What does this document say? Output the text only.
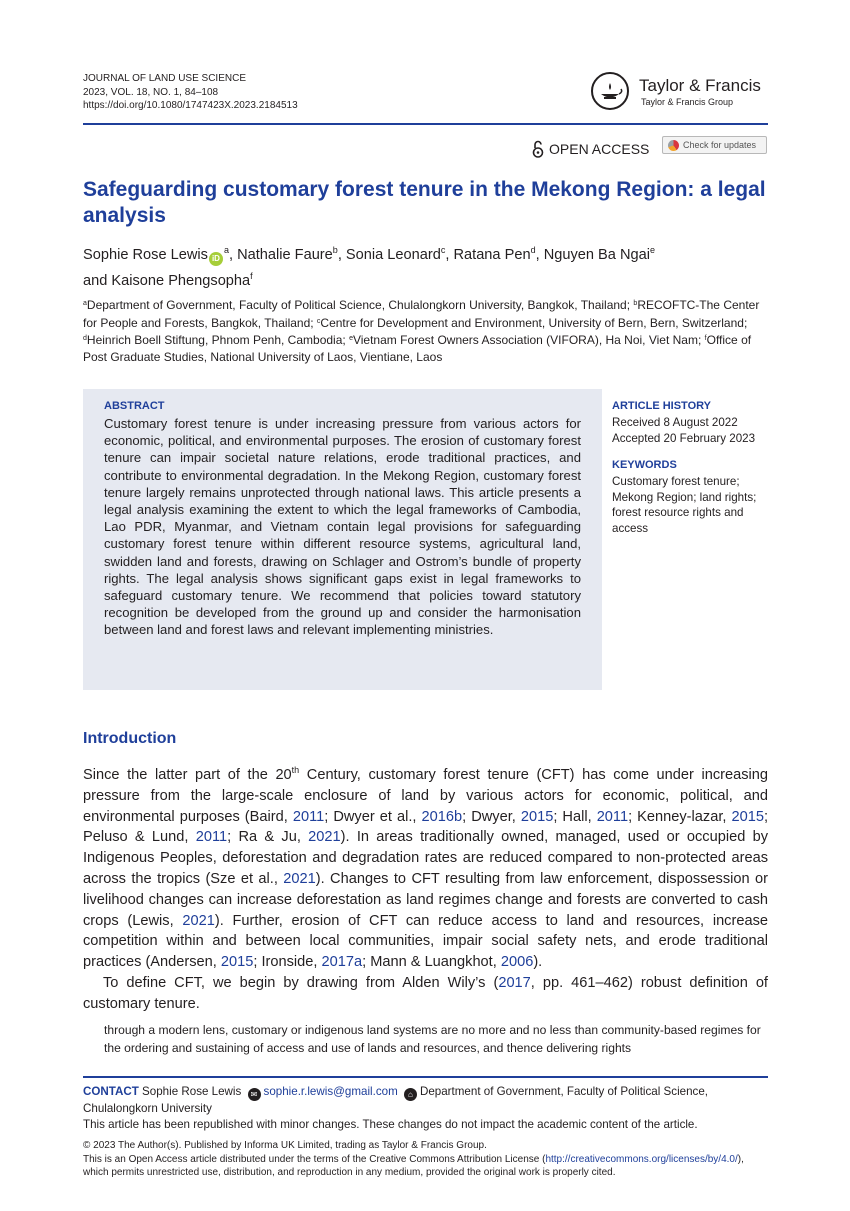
JOURNAL OF LAND USE SCIENCE
2023, VOL. 18, NO. 1, 84–108
https://doi.org/10.1080/1747423X.2023.2184513
Taylor & Francis
Taylor & Francis Group
OPEN ACCESS	Check for updates
Safeguarding customary forest tenure in the Mekong Region: a legal analysis
Sophie Rose Lewis $iD^a$, Nathalie Faure$^b$, Sonia Leonard$^c$, Ratana Pen$^d$, Nguyen Ba Ngai$^e$
and Kaisone Phengsopha$^f$
$^a$Department of Government, Faculty of Political Science, Chulalongkorn University, Bangkok, Thailand; $^b$RECOFTC-The Center for People and Forests, Bangkok, Thailand; $^c$Centre for Development and Environment, University of Bern, Bern, Switzerland; $^d$Heinrich Boell Stiftung, Phnom Penh, Cambodia; $^e$Vietnam Forest Owners Association (VIFORA), Ha Noi, Viet Nam; $^f$Office of Post Graduate Studies, National University of Laos, Vientiane, Laos
ABSTRACT
Customary forest tenure is under increasing pressure from various actors for economic, political, and environmental purposes. The erosion of customary forest tenure can impair societal nature relations, erode traditional practices, and contribute to environmental degradation. In the Mekong Region, customary forest tenure largely remains unprotected through national laws. This article presents a legal analysis examining the extent to which the legal frameworks of Cambodia, Lao PDR, Myanmar, and Vietnam contain legal provisions for safeguarding customary forest tenure within different resource systems, agricultural land, swidden land and forests, drawing on Schlager and Ostrom’s bundle of property rights. The legal analysis shows significant gaps exist in legal frameworks to safeguard customary tenure. We recommend that policies toward statutory recognition be developed from the ground up and consider the harmonisation between land and forest laws and relevant implementing ministries.
ARTICLE HISTORY
Received 8 August 2022
Accepted 20 February 2023
KEYWORDS
Customary forest tenure; Mekong Region; land rights; forest resource rights and access
Introduction

Since the latter part of the 20th Century, customary forest tenure (CFT) has come under increasing pressure from the large-scale enclosure of land by various actors for economic, political, and environmental purposes (Baird, 2011; Dwyer et al., 2016b; Dwyer, 2015; Hall, 2011; Kenney-lazar, 2015; Peluso & Lund, 2011; Ra & Ju, 2021). In areas traditionally owned, managed, used or occupied by Indigenous Peoples, deforestation and degradation rates are reduced compared to non-protected areas across the tropics (Sze et al., 2021). Changes to CFT resulting from law enforcement, dispossession or livelihood changes can increase deforestation as land regimes change and forests are converted to cash crops (Lewis, 2021). Further, erosion of CFT can reduce access to land and resources, increase competition within and between local communities, impair social safety nets, and erode traditional practices (Andersen, 2015; Ironside, 2017a; Mann & Luangkhot, 2006).

To define CFT, we begin by drawing from Alden Wily’s (2017, pp. 461–462) robust definition of customary tenure.

through a modern lens, customary or indigenous land systems are no more and no less than community-based regimes for the ordering and sustaining of access and use of lands and resources, and thence delivering rights
CONTACT Sophie Rose Lewis ✉ sophie.r.lewis@gmail.com ⌂ Department of Government, Faculty of Political Science, Chulalongkorn University
This article has been republished with minor changes. These changes do not impact the academic content of the article.
© 2023 The Author(s). Published by Informa UK Limited, trading as Taylor & Francis Group.
This is an Open Access article distributed under the terms of the Creative Commons Attribution License (http://creativecommons.org/licenses/by/4.0/), which permits unrestricted use, distribution, and reproduction in any medium, provided the original work is properly cited.
